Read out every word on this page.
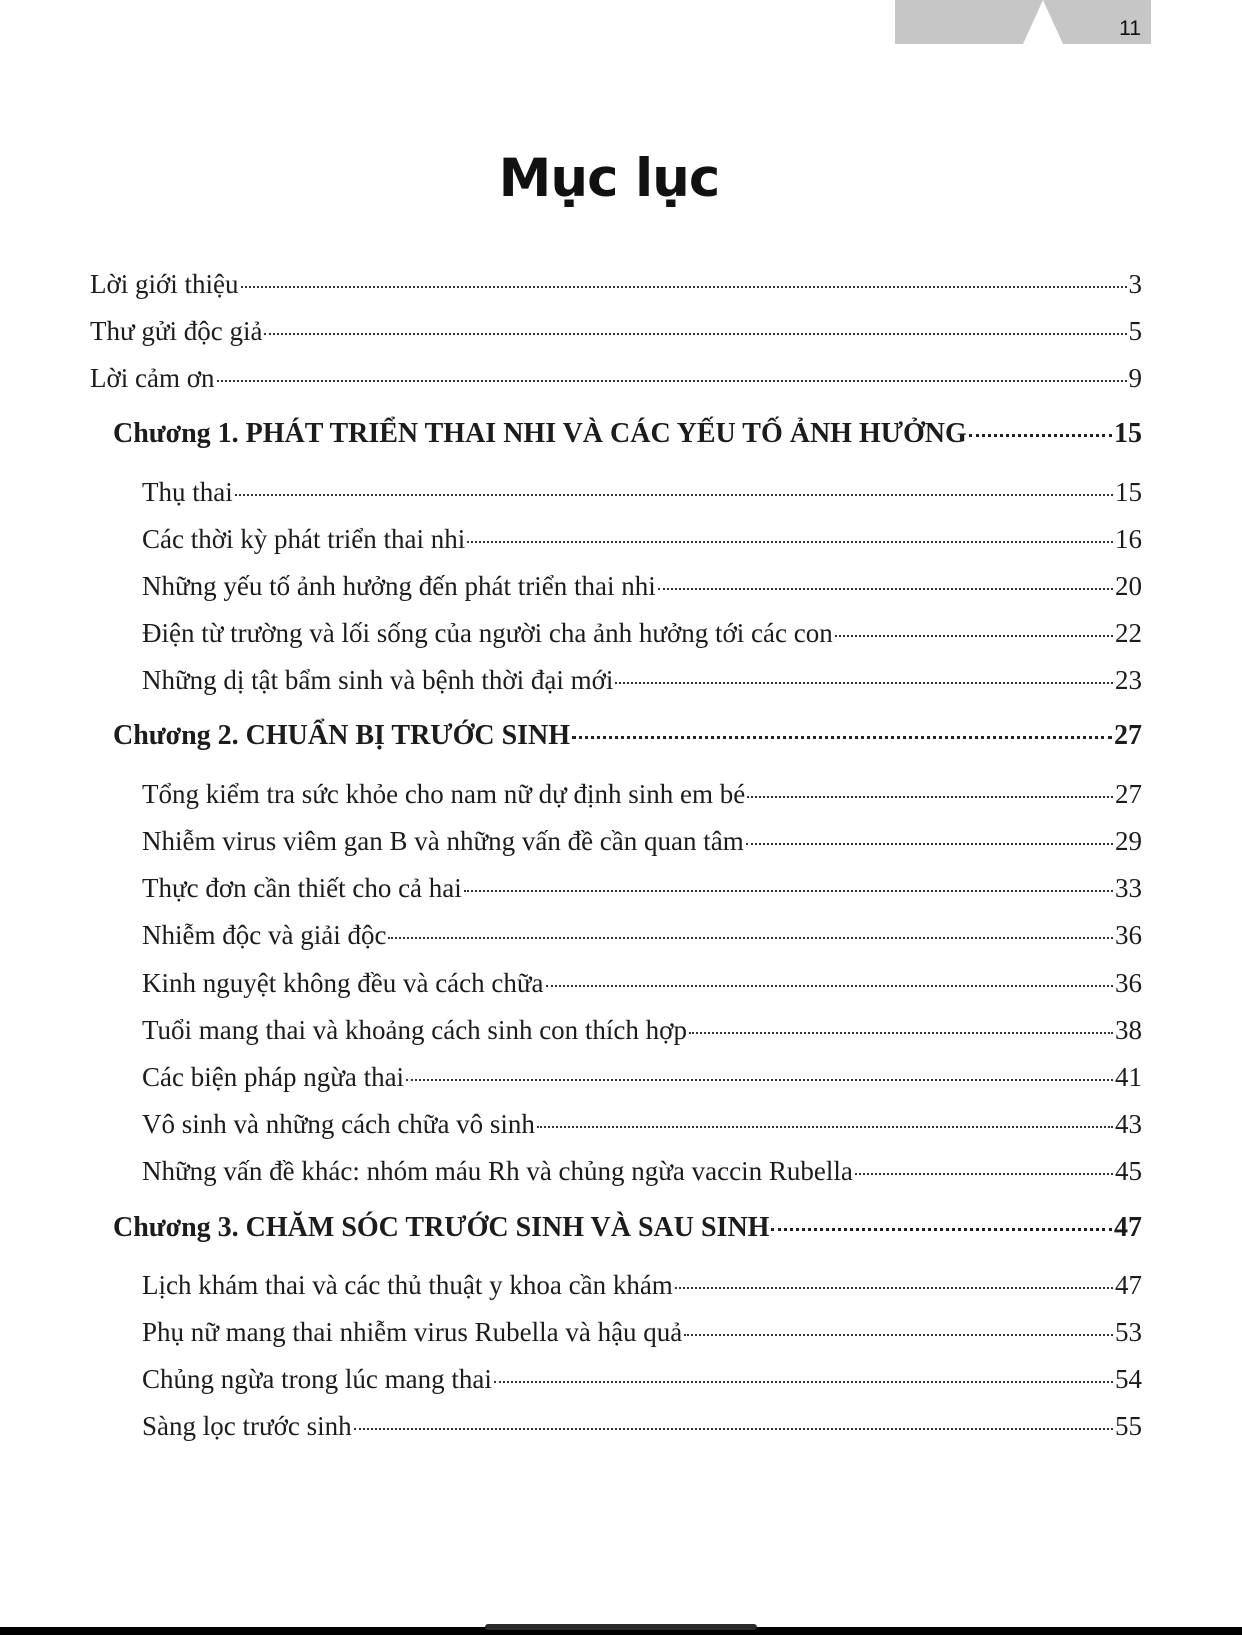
11
Mục lục
Lời giới thiệu	3
Thư gửi độc giả	5
Lời cảm ơn	9
Chương 1. PHÁT TRIỂN THAI NHI VÀ CÁC YẾU TỐ ẢNH HƯỞNG	15
Thụ thai	15
Các thời kỳ phát triển thai nhi	16
Những yếu tố ảnh hưởng đến phát triển thai nhi	20
Điện từ trường và lối sống của người cha ảnh hưởng tới các con	22
Những dị tật bẩm sinh và bệnh thời đại mới	23
Chương 2. CHUẨN BỊ TRƯỚC SINH	27
Tổng kiểm tra sức khỏe cho nam nữ dự định sinh em bé	27
Nhiễm virus viêm gan B và những vấn đề cần quan tâm	29
Thực đơn cần thiết cho cả hai	33
Nhiễm độc và giải độc	36
Kinh nguyệt không đều và cách chữa	36
Tuổi mang thai và khoảng cách sinh con thích hợp	38
Các biện pháp ngừa thai	41
Vô sinh và những cách chữa vô sinh	43
Những vấn đề khác: nhóm máu Rh và chủng ngừa vaccin Rubella	45
Chương 3. CHĂM SÓC TRƯỚC SINH VÀ SAU SINH	47
Lịch khám thai và các thủ thuật y khoa cần khám	47
Phụ nữ mang thai nhiễm virus Rubella và hậu quả	53
Chủng ngừa trong lúc mang thai	54
Sàng lọc trước sinh	55
